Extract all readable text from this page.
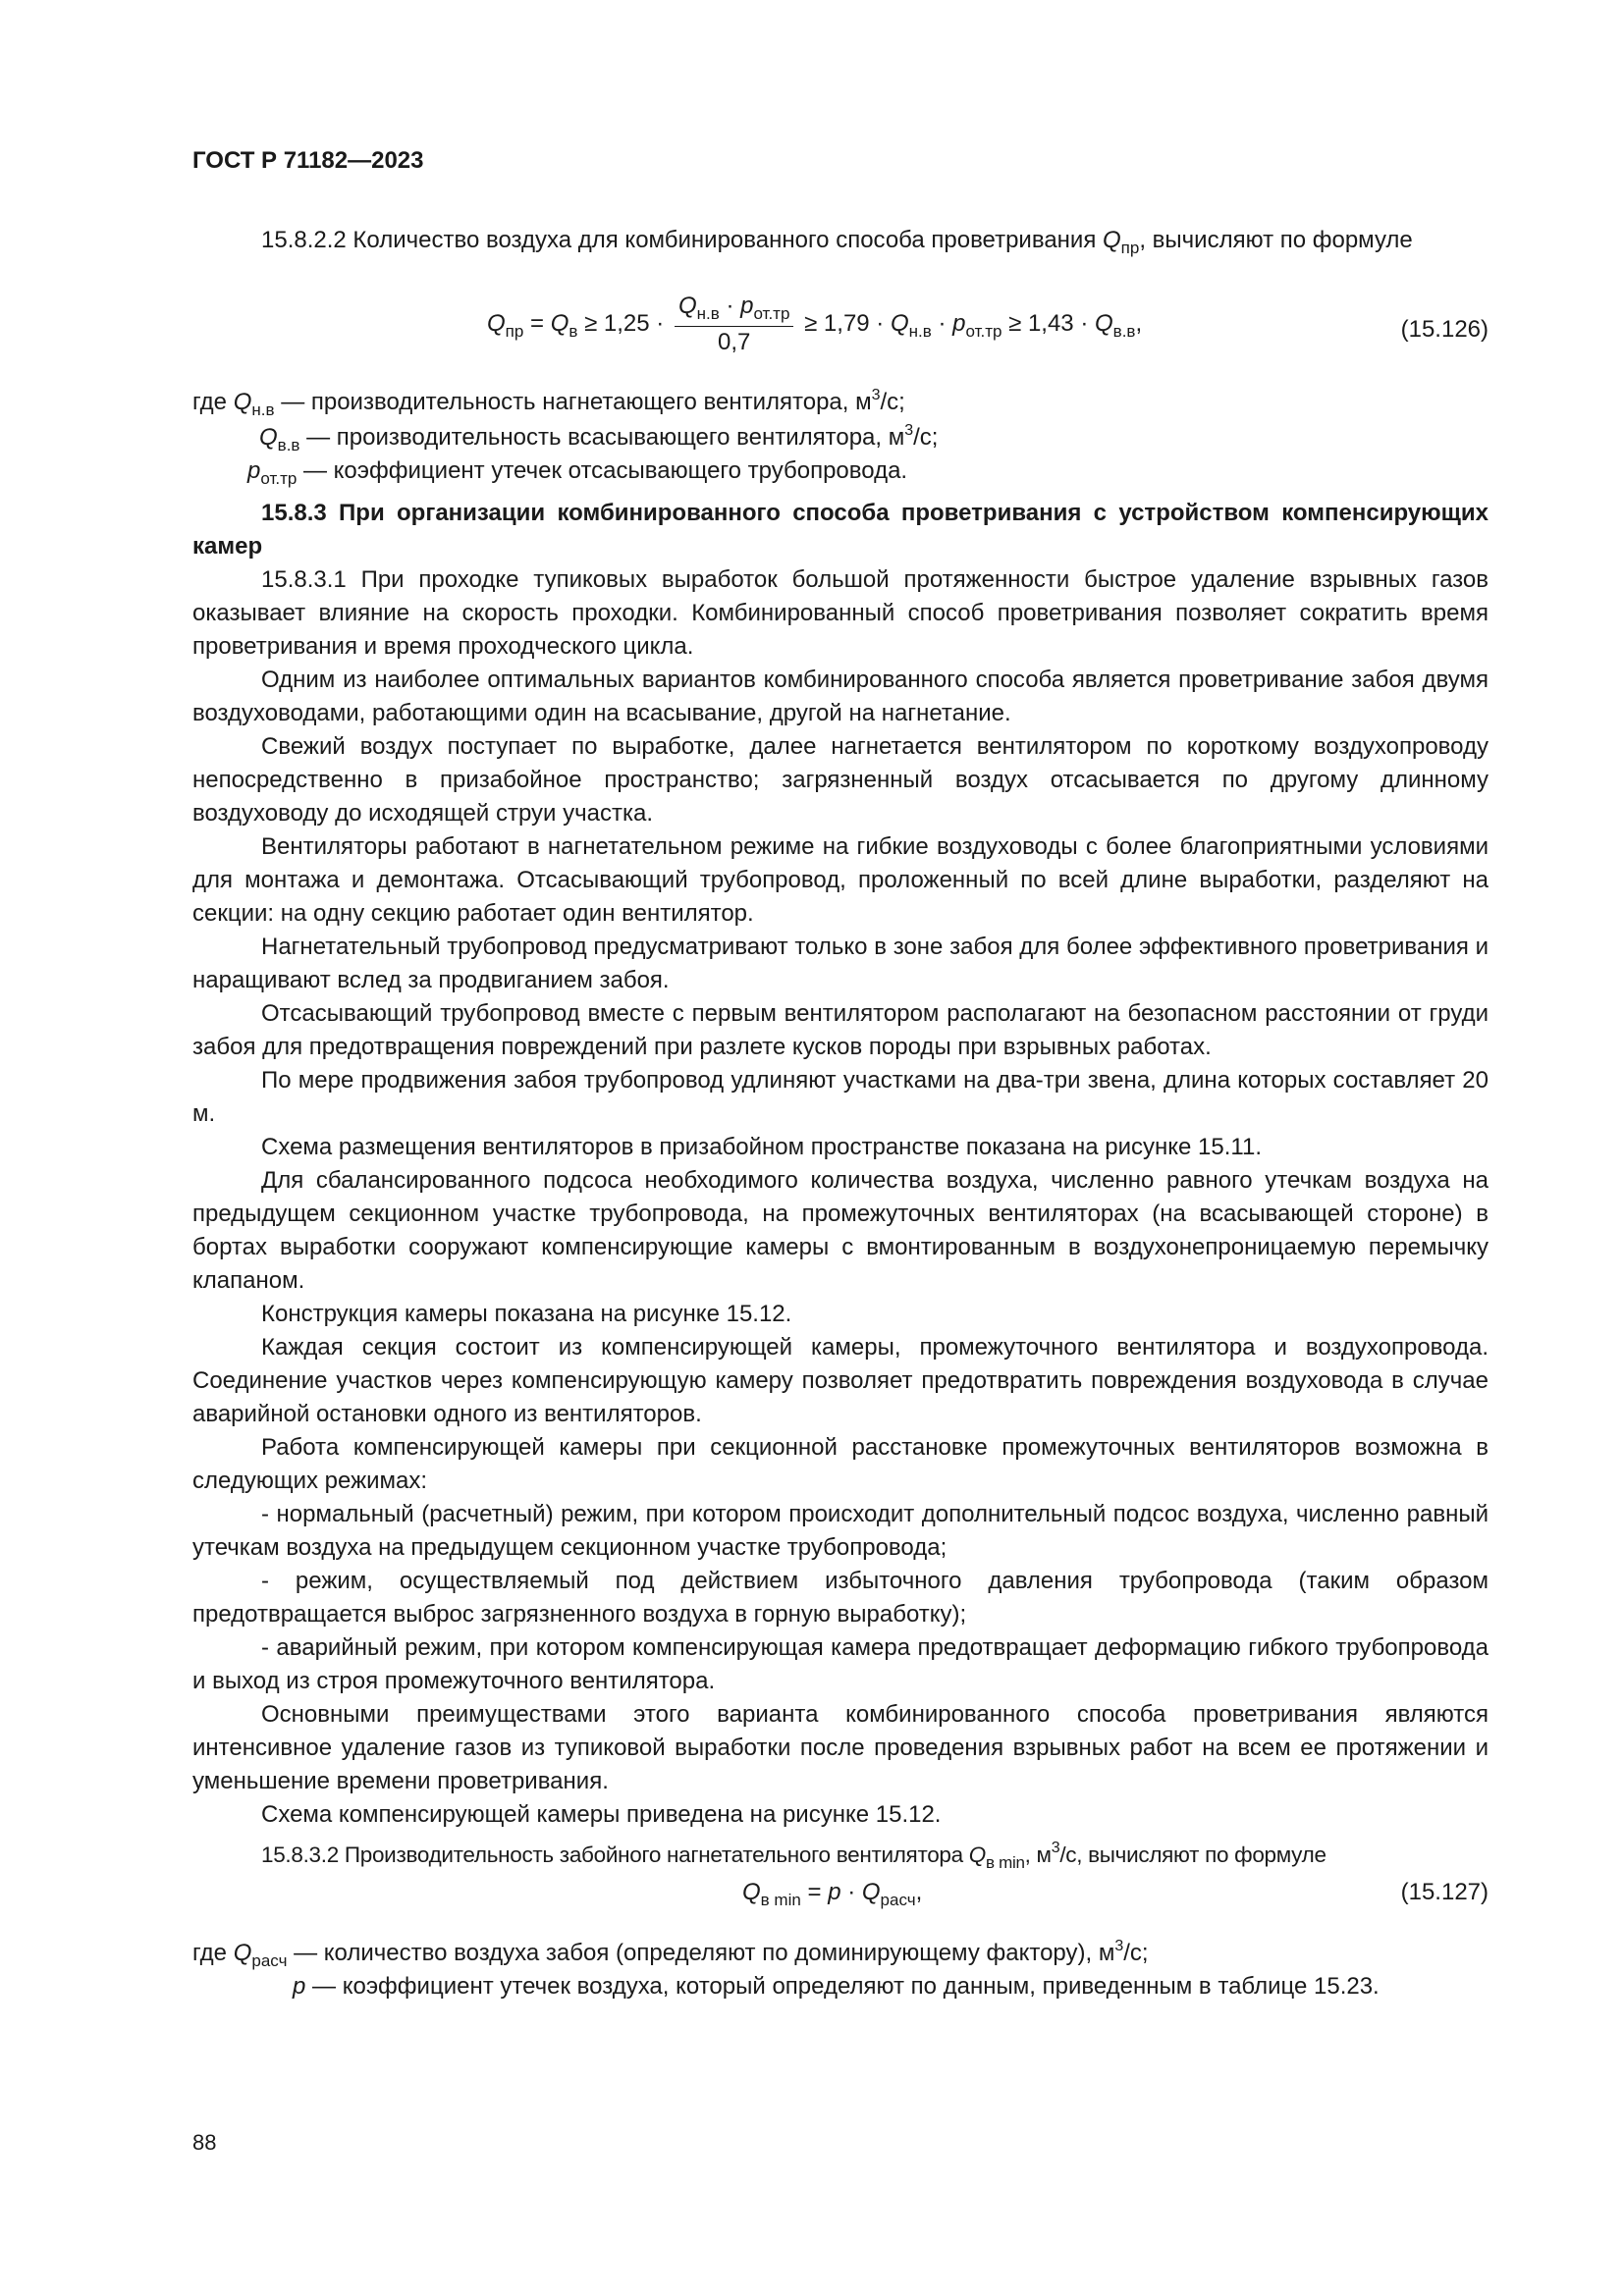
ГОСТ Р 71182—2023
15.8.2.2 Количество воздуха для комбинированного способа проветривания $Q_{пр}$, вычисляют по формуле
$Q_{пр} = Q_в \ge 1,25 \cdot \frac{Q_{н.в} \cdot p_{от.тр}}{0,7} \ge 1,79 \cdot Q_{н.в} \cdot p_{от.тр} \ge 1,43 \cdot Q_{в.в}$,	(15.126)
где $Q_{н.в}$ — производительность нагнетающего вентилятора, $м^3/с$;
$Q_{в.в}$ — производительность всасывающего вентилятора, $м^3/с$;
$p_{от.тр}$ — коэффициент утечек отсасывающего трубопровода.
15.8.3 При организации комбинированного способа проветривания с устройством компенсирующих камер
15.8.3.1 При проходке тупиковых выработок большой протяженности быстрое удаление взрывных газов оказывает влияние на скорость проходки. Комбинированный способ проветривания позволяет сократить время проветривания и время проходческого цикла.
Одним из наиболее оптимальных вариантов комбинированного способа является проветривание забоя двумя воздуховодами, работающими один на всасывание, другой на нагнетание.
Свежий воздух поступает по выработке, далее нагнетается вентилятором по короткому воздухопроводу непосредственно в призабойное пространство; загрязненный воздух отсасывается по другому длинному воздуховоду до исходящей струи участка.
Вентиляторы работают в нагнетательном режиме на гибкие воздуховоды с более благоприятными условиями для монтажа и демонтажа. Отсасывающий трубопровод, проложенный по всей длине выработки, разделяют на секции: на одну секцию работает один вентилятор.
Нагнетательный трубопровод предусматривают только в зоне забоя для более эффективного проветривания и наращивают вслед за продвиганием забоя.
Отсасывающий трубопровод вместе с первым вентилятором располагают на безопасном расстоянии от груди забоя для предотвращения повреждений при разлете кусков породы при взрывных работах.
По мере продвижения забоя трубопровод удлиняют участками на два-три звена, длина которых составляет 20 м.
Схема размещения вентиляторов в призабойном пространстве показана на рисунке 15.11.
Для сбалансированного подсоса необходимого количества воздуха, численно равного утечкам воздуха на предыдущем секционном участке трубопровода, на промежуточных вентиляторах (на всасывающей стороне) в бортах выработки сооружают компенсирующие камеры с вмонтированным в воздухонепроницаемую перемычку клапаном.
Конструкция камеры показана на рисунке 15.12.
Каждая секция состоит из компенсирующей камеры, промежуточного вентилятора и воздухопровода. Соединение участков через компенсирующую камеру позволяет предотвратить повреждения воздуховода в случае аварийной остановки одного из вентиляторов.
Работа компенсирующей камеры при секционной расстановке промежуточных вентиляторов возможна в следующих режимах:
- нормальный (расчетный) режим, при котором происходит дополнительный подсос воздуха, численно равный утечкам воздуха на предыдущем секционном участке трубопровода;
- режим, осуществляемый под действием избыточного давления трубопровода (таким образом предотвращается выброс загрязненного воздуха в горную выработку);
- аварийный режим, при котором компенсирующая камера предотвращает деформацию гибкого трубопровода и выход из строя промежуточного вентилятора.
Основными преимуществами этого варианта комбинированного способа проветривания являются интенсивное удаление газов из тупиковой выработки после проведения взрывных работ на всем ее протяжении и уменьшение времени проветривания.
Схема компенсирующей камеры приведена на рисунке 15.12.
15.8.3.2 Производительность забойного нагнетательного вентилятора $Q_{в min}$, $м^3/с$, вычисляют по формуле
$Q_{в min} = p \cdot Q_{расч}$,	(15.127)
где $Q_{расч}$ — количество воздуха забоя (определяют по доминирующему фактору), $м^3/с$;
p — коэффициент утечек воздуха, который определяют по данным, приведенным в таблице 15.23.
88
